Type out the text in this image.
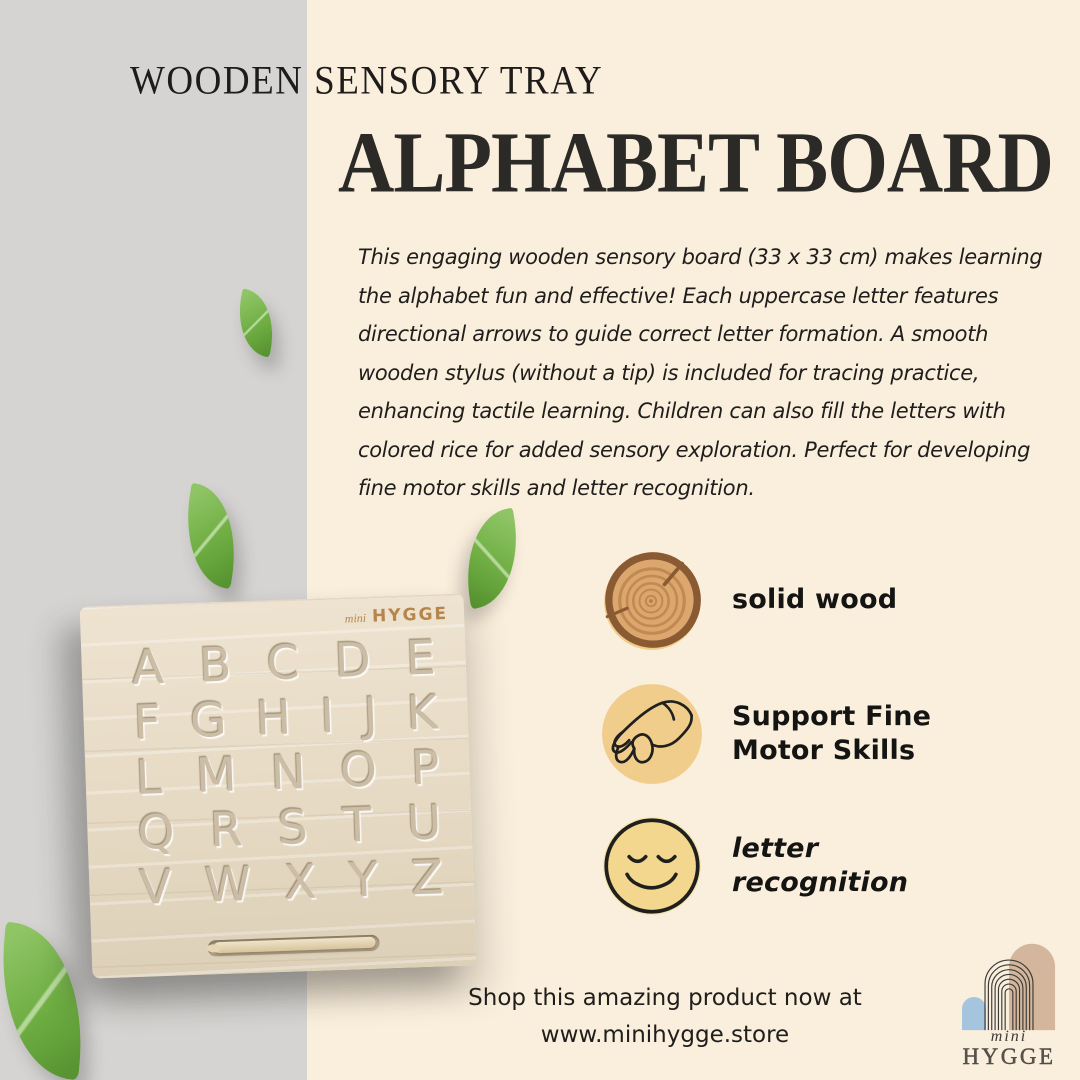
WOODEN SENSORY TRAY
ALPHABET BOARD
This engaging wooden sensory board (33 x 33 cm) makes learning the alphabet fun and effective! Each uppercase letter features directional arrows to guide correct letter formation. A smooth wooden stylus (without a tip) is included for tracing practice, enhancing tactile learning. Children can also fill the letters with colored rice for added sensory exploration. Perfect for developing fine motor skills and letter recognition.
mini HYGGE
A B C D E
F G H I J K
L M N O P
Q R S T U
V W X Y Z
solid wood
Support Fine
Motor Skills
letter
recognition
Shop this amazing product now at
www.minihygge.store	mini
HYGGE
